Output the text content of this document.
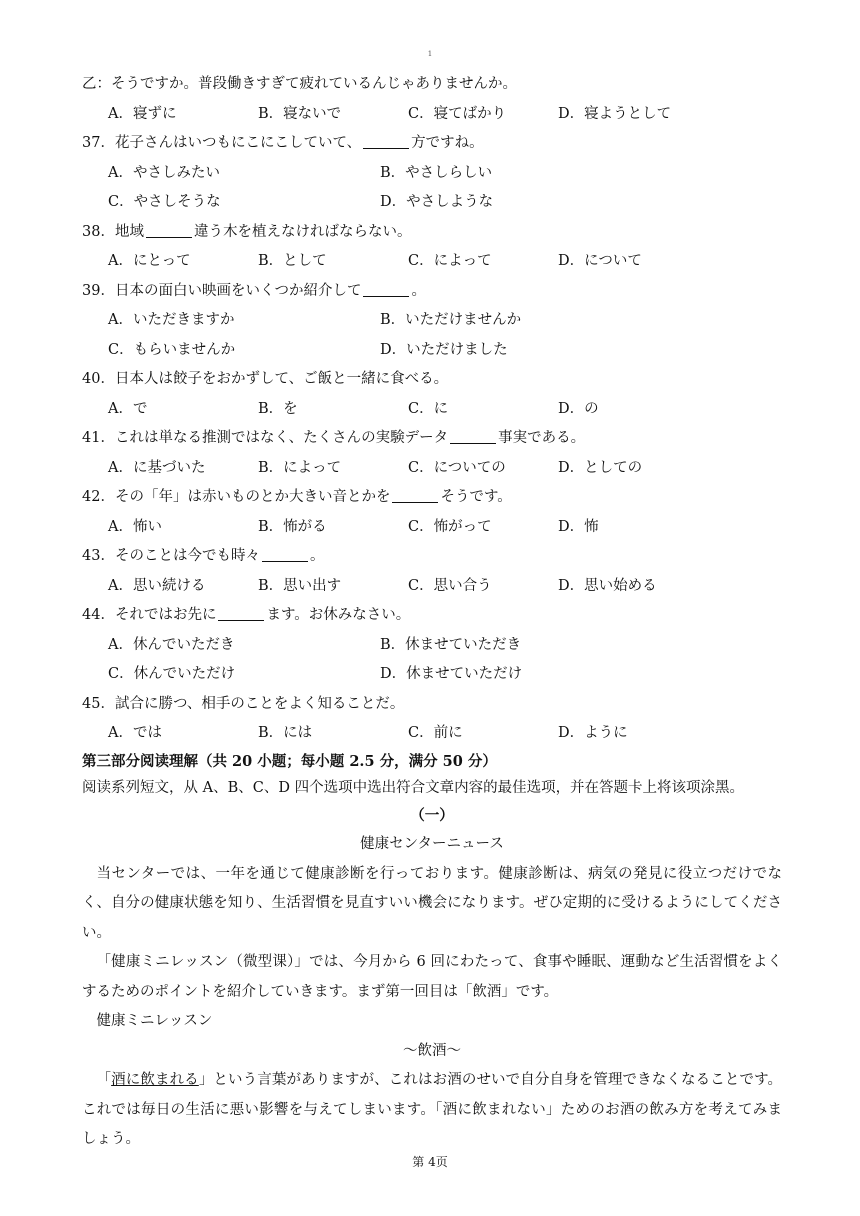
1
乙：そうですか。普段働きすぎて疲れているんじゃありませんか。
A．寝ずに	B．寝ないで	C．寝てばかり	D．寝ようとして
37．花子さんはいつもにこにこしていて、	方ですね。
A．やさしみたい	B．やさしらしい
C．やさしそうな	D．やさしような
38．地域	違う木を植えなければならない。
A．にとって	B．として	C．によって	D．について
39．日本の面白い映画をいくつか紹介して	。
A．いただきますか	B．いただけませんか
C．もらいませんか	D．いただけました
40．日本人は餃子をおかずして、ご飯と一緒に食べる。
A．で	B．を	C．に	D．の
41．これは単なる推測ではなく、たくさんの実験データ	事実である。
A．に基づいた	B．によって	C．についての	D．としての
42．その「年」は赤いものとか大きい音とかを	そうです。
A．怖い	B．怖がる	C．怖がって	D．怖
43．そのことは今でも時々	。
A．思い続ける	B．思い出す	C．思い合う	D．思い始める
44．それではお先に	ます。お休みなさい。
A．休んでいただき	B．休ませていただき
C．休んでいただけ	D．休ませていただけ
45．試合に勝つ、相手のことをよく知ることだ。
A．では	B．には	C．前に	D．ように
第三部分阅读理解（共 20 小题；每小题 2.5 分，满分 50 分）
阅读系列短文，从 A、B、C、D 四个选项中选出符合文章内容的最佳选项，并在答题卡上将该项涂黑。
（一）
健康センターニュース
当センターでは、一年を通じて健康診断を行っております。健康診断は、病気の発見に役立つだけでなく、自分の健康状態を知り、生活習慣を見直すいい機会になります。ぜひ定期的に受けるようにしてください。
「健康ミニレッスン（微型课）」では、今月から 6 回にわたって、食事や睡眠、運動など生活習慣をよくするためのポイントを紹介していきます。まず第一回目は「飲酒」です。
健康ミニレッスン
～飲酒～
「酒に飲まれる」という言葉がありますが、これはお酒のせいで自分自身を管理できなくなることです。これでは毎日の生活に悪い影響を与えてしまいます。「酒に飲まれない」ためのお酒の飲み方を考えてみましょう。
第 4页
